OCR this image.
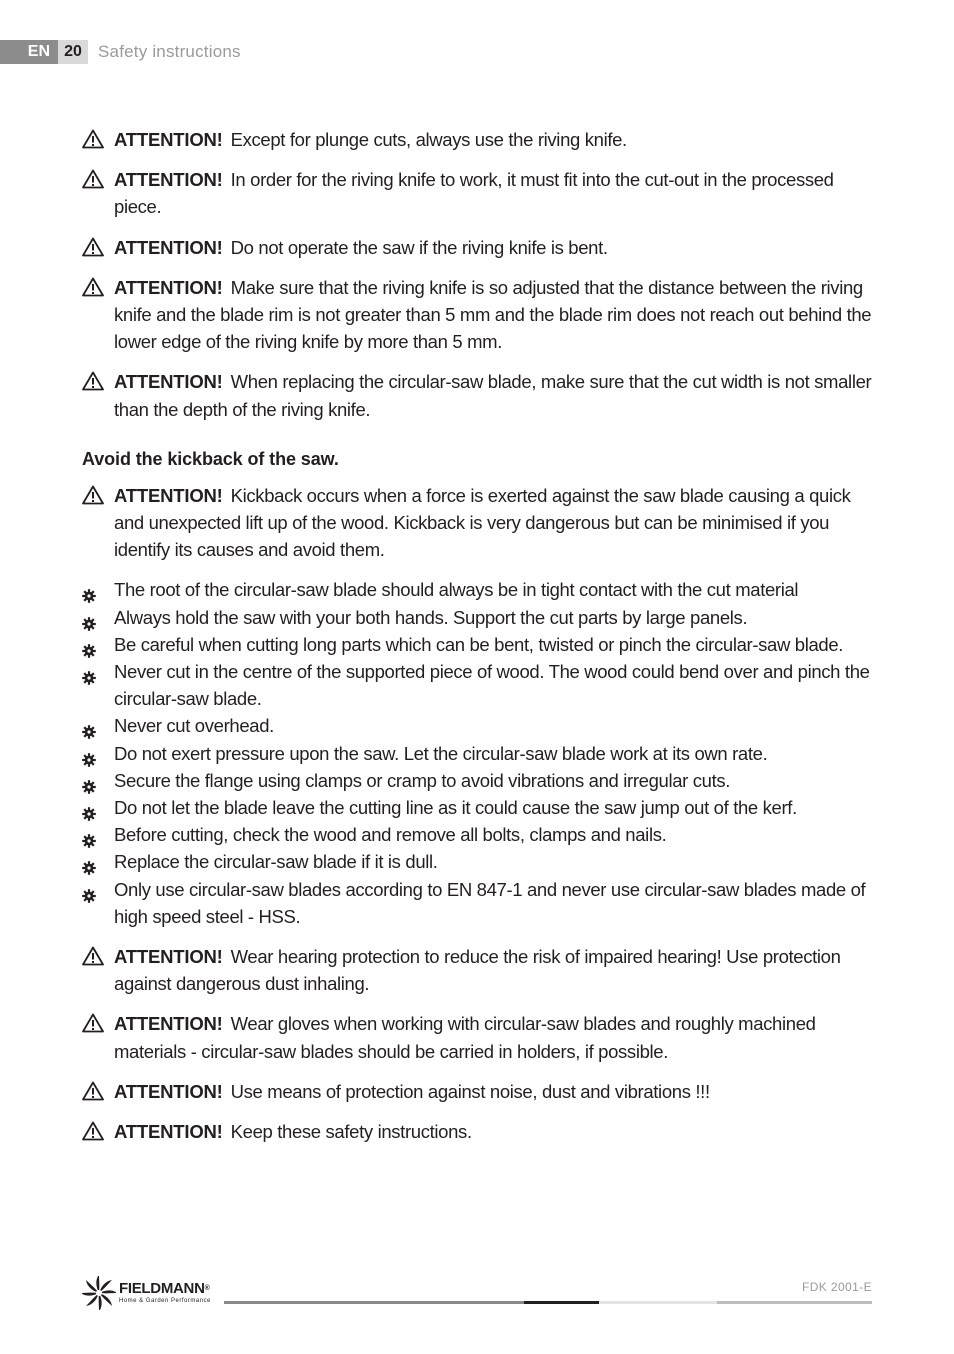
EN 20 Safety instructions
ATTENTION! Except for plunge cuts, always use the riving knife.
ATTENTION! In order for the riving knife to work, it must fit into the cut-out in the processed piece.
ATTENTION! Do not operate the saw if the riving knife is bent.
ATTENTION! Make sure that the riving knife is so adjusted that the distance between the riving knife and the blade rim is not greater than 5 mm and the blade rim does not reach out behind the lower edge of the riving knife by more than 5 mm.
ATTENTION! When replacing the circular-saw blade, make sure that the cut width is not smaller than the depth of the riving knife.
Avoid the kickback of the saw.
ATTENTION! Kickback occurs when a force is exerted against the saw blade causing a quick and unexpected lift up of the wood. Kickback is very dangerous but can be minimised if you identify its causes and avoid them.
The root of the circular-saw blade should always be in tight contact with the cut material
Always hold the saw with your both hands. Support the cut parts by large panels.
Be careful when cutting long parts which can be bent, twisted or pinch the circular-saw blade.
Never cut in the centre of the supported piece of wood. The wood could bend over and pinch the circular-saw blade.
Never cut overhead.
Do not exert pressure upon the saw. Let the circular-saw blade work at its own rate.
Secure the flange using clamps or cramp to avoid vibrations and irregular cuts.
Do not let the blade leave the cutting line as it could cause the saw jump out of the kerf.
Before cutting, check the wood and remove all bolts, clamps and nails.
Replace the circular-saw blade if it is dull.
Only use circular-saw blades according to EN 847-1 and never use circular-saw blades made of high speed steel - HSS.
ATTENTION! Wear hearing protection to reduce the risk of impaired hearing! Use protection against dangerous dust inhaling.
ATTENTION! Wear gloves when working with circular-saw blades and roughly machined materials - circular-saw blades should be carried in holders, if possible.
ATTENTION! Use means of protection against noise, dust and vibrations !!!
ATTENTION! Keep these safety instructions.
FIELDMANN®
Home & Garden Performance
FDK 2001-E
